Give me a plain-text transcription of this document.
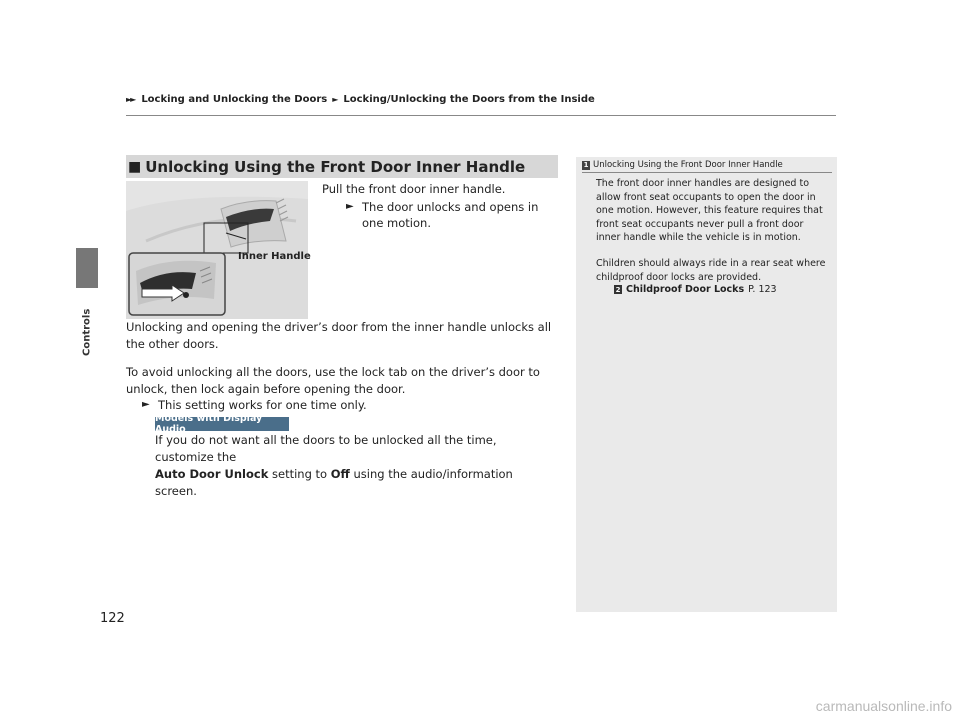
►► Locking and Unlocking the Doors ► Locking/Unlocking the Doors from the Inside
Controls
122
■ Unlocking Using the Front Door Inner Handle
Inner Handle
Pull the front door inner handle.
► The door unlocks and opens in one motion.
Unlocking and opening the driver’s door from the inner handle unlocks all the other doors.
To avoid unlocking all the doors, use the lock tab on the driver’s door to unlock, then lock again before opening the door.
► This setting works for one time only.
Models with Display Audio
If you do not want all the doors to be unlocked all the time, customize the
Auto Door Unlock setting to Off using the audio/information screen.
1 Unlocking Using the Front Door Inner Handle
The front door inner handles are designed to allow front seat occupants to open the door in one motion. However, this feature requires that front seat occupants never pull a front door inner handle while the vehicle is in motion.
Children should always ride in a rear seat where childproof door locks are provided.
2 Childproof Door Locks P. 123
carmanualsonline.info
